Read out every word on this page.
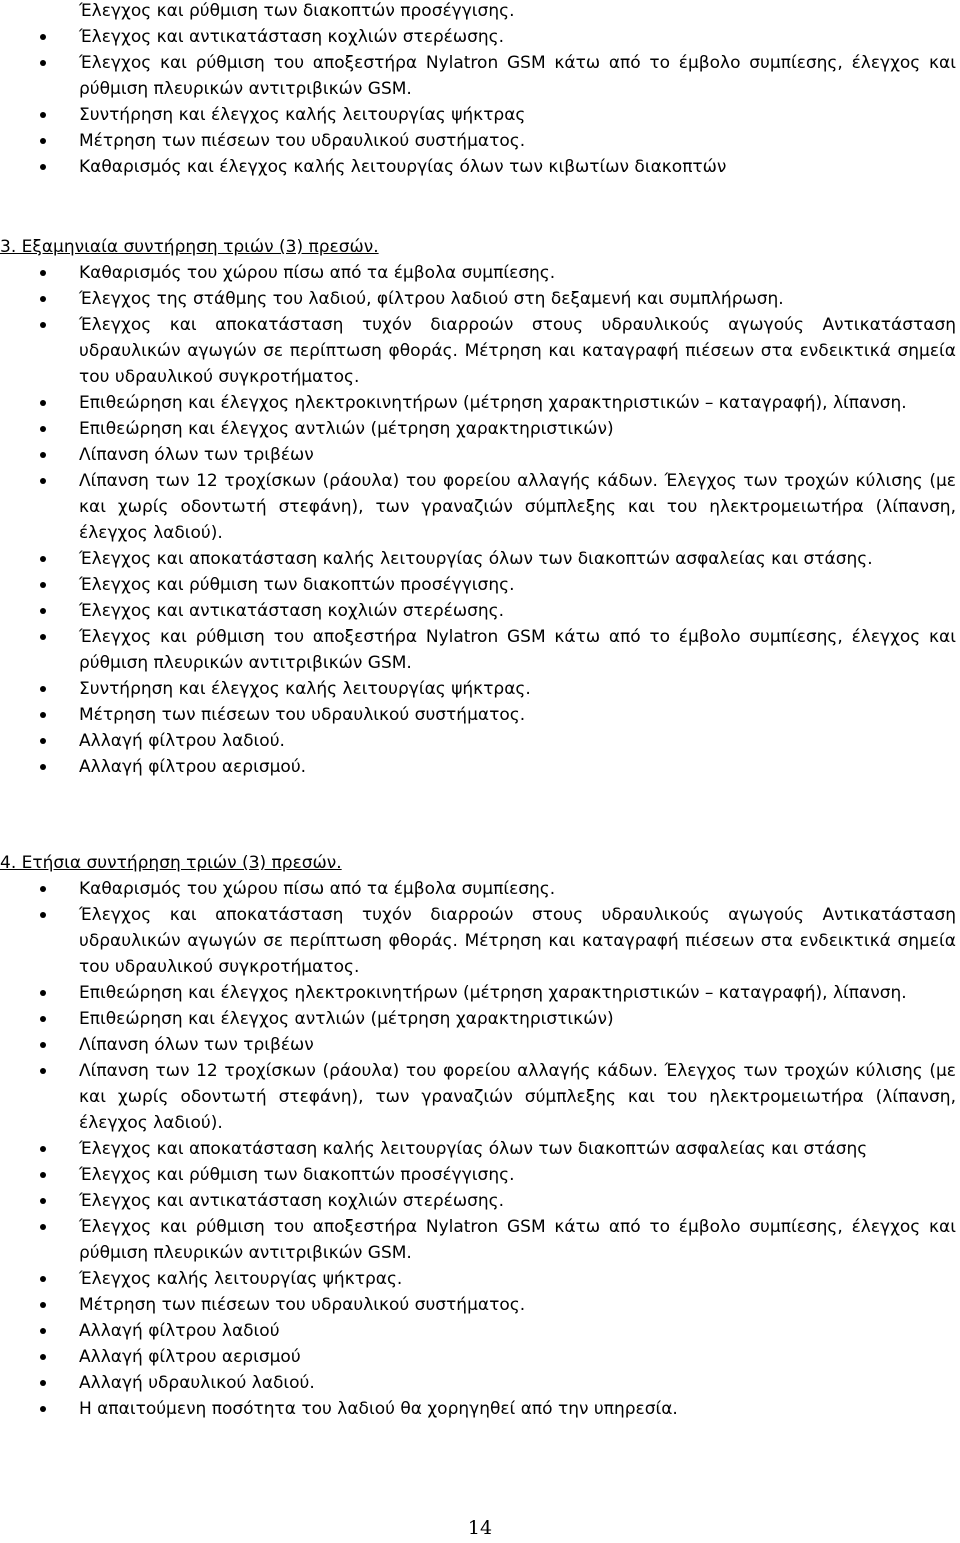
Έλεγχος και ρύθμιση των διακοπτών προσέγγισης.
Έλεγχος και αντικατάσταση κοχλιών στερέωσης.
Έλεγχος και ρύθμιση του αποξεστήρα Nylatron GSM κάτω από το έμβολο συμπίεσης, έλεγχος και ρύθμιση πλευρικών αντιτριβικών GSM.
Συντήρηση και έλεγχος καλής λειτουργίας ψήκτρας
Μέτρηση των πιέσεων του υδραυλικού συστήματος.
Καθαρισμός και έλεγχος καλής λειτουργίας όλων των κιβωτίων διακοπτών
3. Εξαμηνιαία συντήρηση τριών (3) πρεσών.
Καθαρισμός του χώρου πίσω από τα έμβολα συμπίεσης.
Έλεγχος της στάθμης του λαδιού, φίλτρου λαδιού στη δεξαμενή και συμπλήρωση.
Έλεγχος και αποκατάσταση τυχόν διαρροών στους υδραυλικούς αγωγούς Αντικατάσταση υδραυλικών αγωγών σε περίπτωση φθοράς. Μέτρηση και καταγραφή πιέσεων στα ενδεικτικά σημεία του υδραυλικού συγκροτήματος.
Επιθεώρηση και έλεγχος ηλεκτροκινητήρων (μέτρηση χαρακτηριστικών – καταγραφή), λίπανση.
Επιθεώρηση και έλεγχος αντλιών (μέτρηση χαρακτηριστικών)
Λίπανση όλων των τριβέων
Λίπανση των 12 τροχίσκων (ράουλα) του φορείου αλλαγής κάδων. Έλεγχος των τροχών κύλισης (με και χωρίς οδοντωτή στεφάνη), των γραναζιών σύμπλεξης και του ηλεκτρομειωτήρα (λίπανση, έλεγχος λαδιού).
Έλεγχος και αποκατάσταση καλής λειτουργίας όλων των διακοπτών ασφαλείας και στάσης.
Έλεγχος και ρύθμιση των διακοπτών προσέγγισης.
Έλεγχος και αντικατάσταση κοχλιών στερέωσης.
Έλεγχος και ρύθμιση του αποξεστήρα Nylatron GSM κάτω από το έμβολο συμπίεσης, έλεγχος και ρύθμιση πλευρικών αντιτριβικών GSM.
Συντήρηση και έλεγχος καλής λειτουργίας ψήκτρας.
Μέτρηση των πιέσεων του υδραυλικού συστήματος.
Αλλαγή φίλτρου λαδιού.
Αλλαγή φίλτρου αερισμού.
4. Ετήσια συντήρηση τριών (3) πρεσών.
Καθαρισμός του χώρου πίσω από τα έμβολα συμπίεσης.
Έλεγχος και αποκατάσταση τυχόν διαρροών στους υδραυλικούς αγωγούς Αντικατάσταση υδραυλικών αγωγών σε περίπτωση φθοράς. Μέτρηση και καταγραφή πιέσεων στα ενδεικτικά σημεία του υδραυλικού συγκροτήματος.
Επιθεώρηση και έλεγχος ηλεκτροκινητήρων (μέτρηση χαρακτηριστικών – καταγραφή), λίπανση.
Επιθεώρηση και έλεγχος αντλιών (μέτρηση χαρακτηριστικών)
Λίπανση όλων των τριβέων
Λίπανση των 12 τροχίσκων (ράουλα) του φορείου αλλαγής κάδων. Έλεγχος των τροχών κύλισης (με και χωρίς οδοντωτή στεφάνη), των γραναζιών σύμπλεξης και του ηλεκτρομειωτήρα (λίπανση, έλεγχος λαδιού).
Έλεγχος και αποκατάσταση καλής λειτουργίας όλων των διακοπτών ασφαλείας και στάσης
Έλεγχος και ρύθμιση των διακοπτών προσέγγισης.
Έλεγχος και αντικατάσταση κοχλιών στερέωσης.
Έλεγχος και ρύθμιση του αποξεστήρα Nylatron GSM κάτω από το έμβολο συμπίεσης, έλεγχος και ρύθμιση πλευρικών αντιτριβικών GSM.
Έλεγχος καλής λειτουργίας ψήκτρας.
Μέτρηση των πιέσεων του υδραυλικού συστήματος.
Αλλαγή φίλτρου λαδιού
Αλλαγή φίλτρου αερισμού
Αλλαγή υδραυλικού λαδιού.
Η απαιτούμενη ποσότητα του λαδιού θα χορηγηθεί από την υπηρεσία.
14
